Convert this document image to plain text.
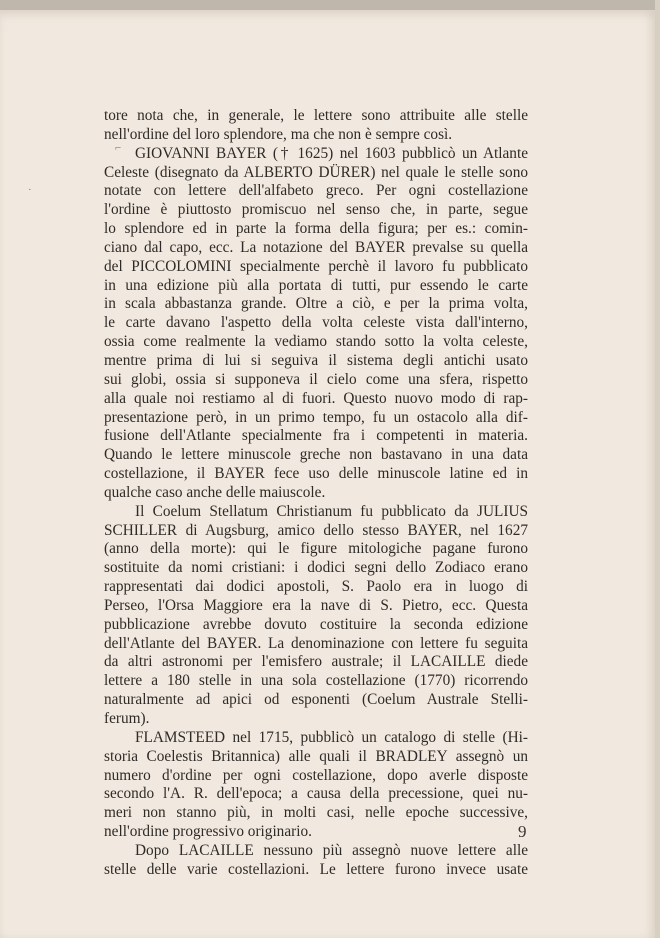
⌐
·
tore nota che, in generale, le lettere sono attribuite alle stelle
nell'ordine del loro splendore, ma che non è sempre così.
GIOVANNI BAYER († 1625) nel 1603 pubblicò un Atlante
Celeste (disegnato da ALBERTO DÜRER) nel quale le stelle sono
notate con lettere dell'alfabeto greco. Per ogni costellazione
l'ordine è piuttosto promiscuo nel senso che, in parte, segue
lo splendore ed in parte la forma della figura; per es.: comin-
ciano dal capo, ecc. La notazione del BAYER prevalse su quella
del PICCOLOMINI specialmente perchè il lavoro fu pubblicato
in una edizione più alla portata di tutti, pur essendo le carte
in scala abbastanza grande. Oltre a ciò, e per la prima volta,
le carte davano l'aspetto della volta celeste vista dall'interno,
ossia come realmente la vediamo stando sotto la volta celeste,
mentre prima di lui si seguiva il sistema degli antichi usato
sui globi, ossia si supponeva il cielo come una sfera, rispetto
alla quale noi restiamo al di fuori. Questo nuovo modo di rap-
presentazione però, in un primo tempo, fu un ostacolo alla dif-
fusione dell'Atlante specialmente fra i competenti in materia.
Quando le lettere minuscole greche non bastavano in una data
costellazione, il BAYER fece uso delle minuscole latine ed in
qualche caso anche delle maiuscole.
Il Coelum Stellatum Christianum fu pubblicato da JULIUS
SCHILLER di Augsburg, amico dello stesso BAYER, nel 1627
(anno della morte): qui le figure mitologiche pagane furono
sostituite da nomi cristiani: i dodici segni dello Zodiaco erano
rappresentati dai dodici apostoli, S. Paolo era in luogo di
Perseo, l'Orsa Maggiore era la nave di S. Pietro, ecc. Questa
pubblicazione avrebbe dovuto costituire la seconda edizione
dell'Atlante del BAYER. La denominazione con lettere fu seguita
da altri astronomi per l'emisfero australe; il LACAILLE diede
lettere a 180 stelle in una sola costellazione (1770) ricorrendo
naturalmente ad apici od esponenti (Coelum Australe Stelli-
ferum).
FLAMSTEED nel 1715, pubblicò un catalogo di stelle (Hi-
storia Coelestis Britannica) alle quali il BRADLEY assegnò un
numero d'ordine per ogni costellazione, dopo averle disposte
secondo l'A. R. dell'epoca; a causa della precessione, quei nu-
meri non stanno più, in molti casi, nelle epoche successive,
nell'ordine progressivo originario.
Dopo LACAILLE nessuno più assegnò nuove lettere alle
stelle delle varie costellazioni. Le lettere furono invece usate
9
